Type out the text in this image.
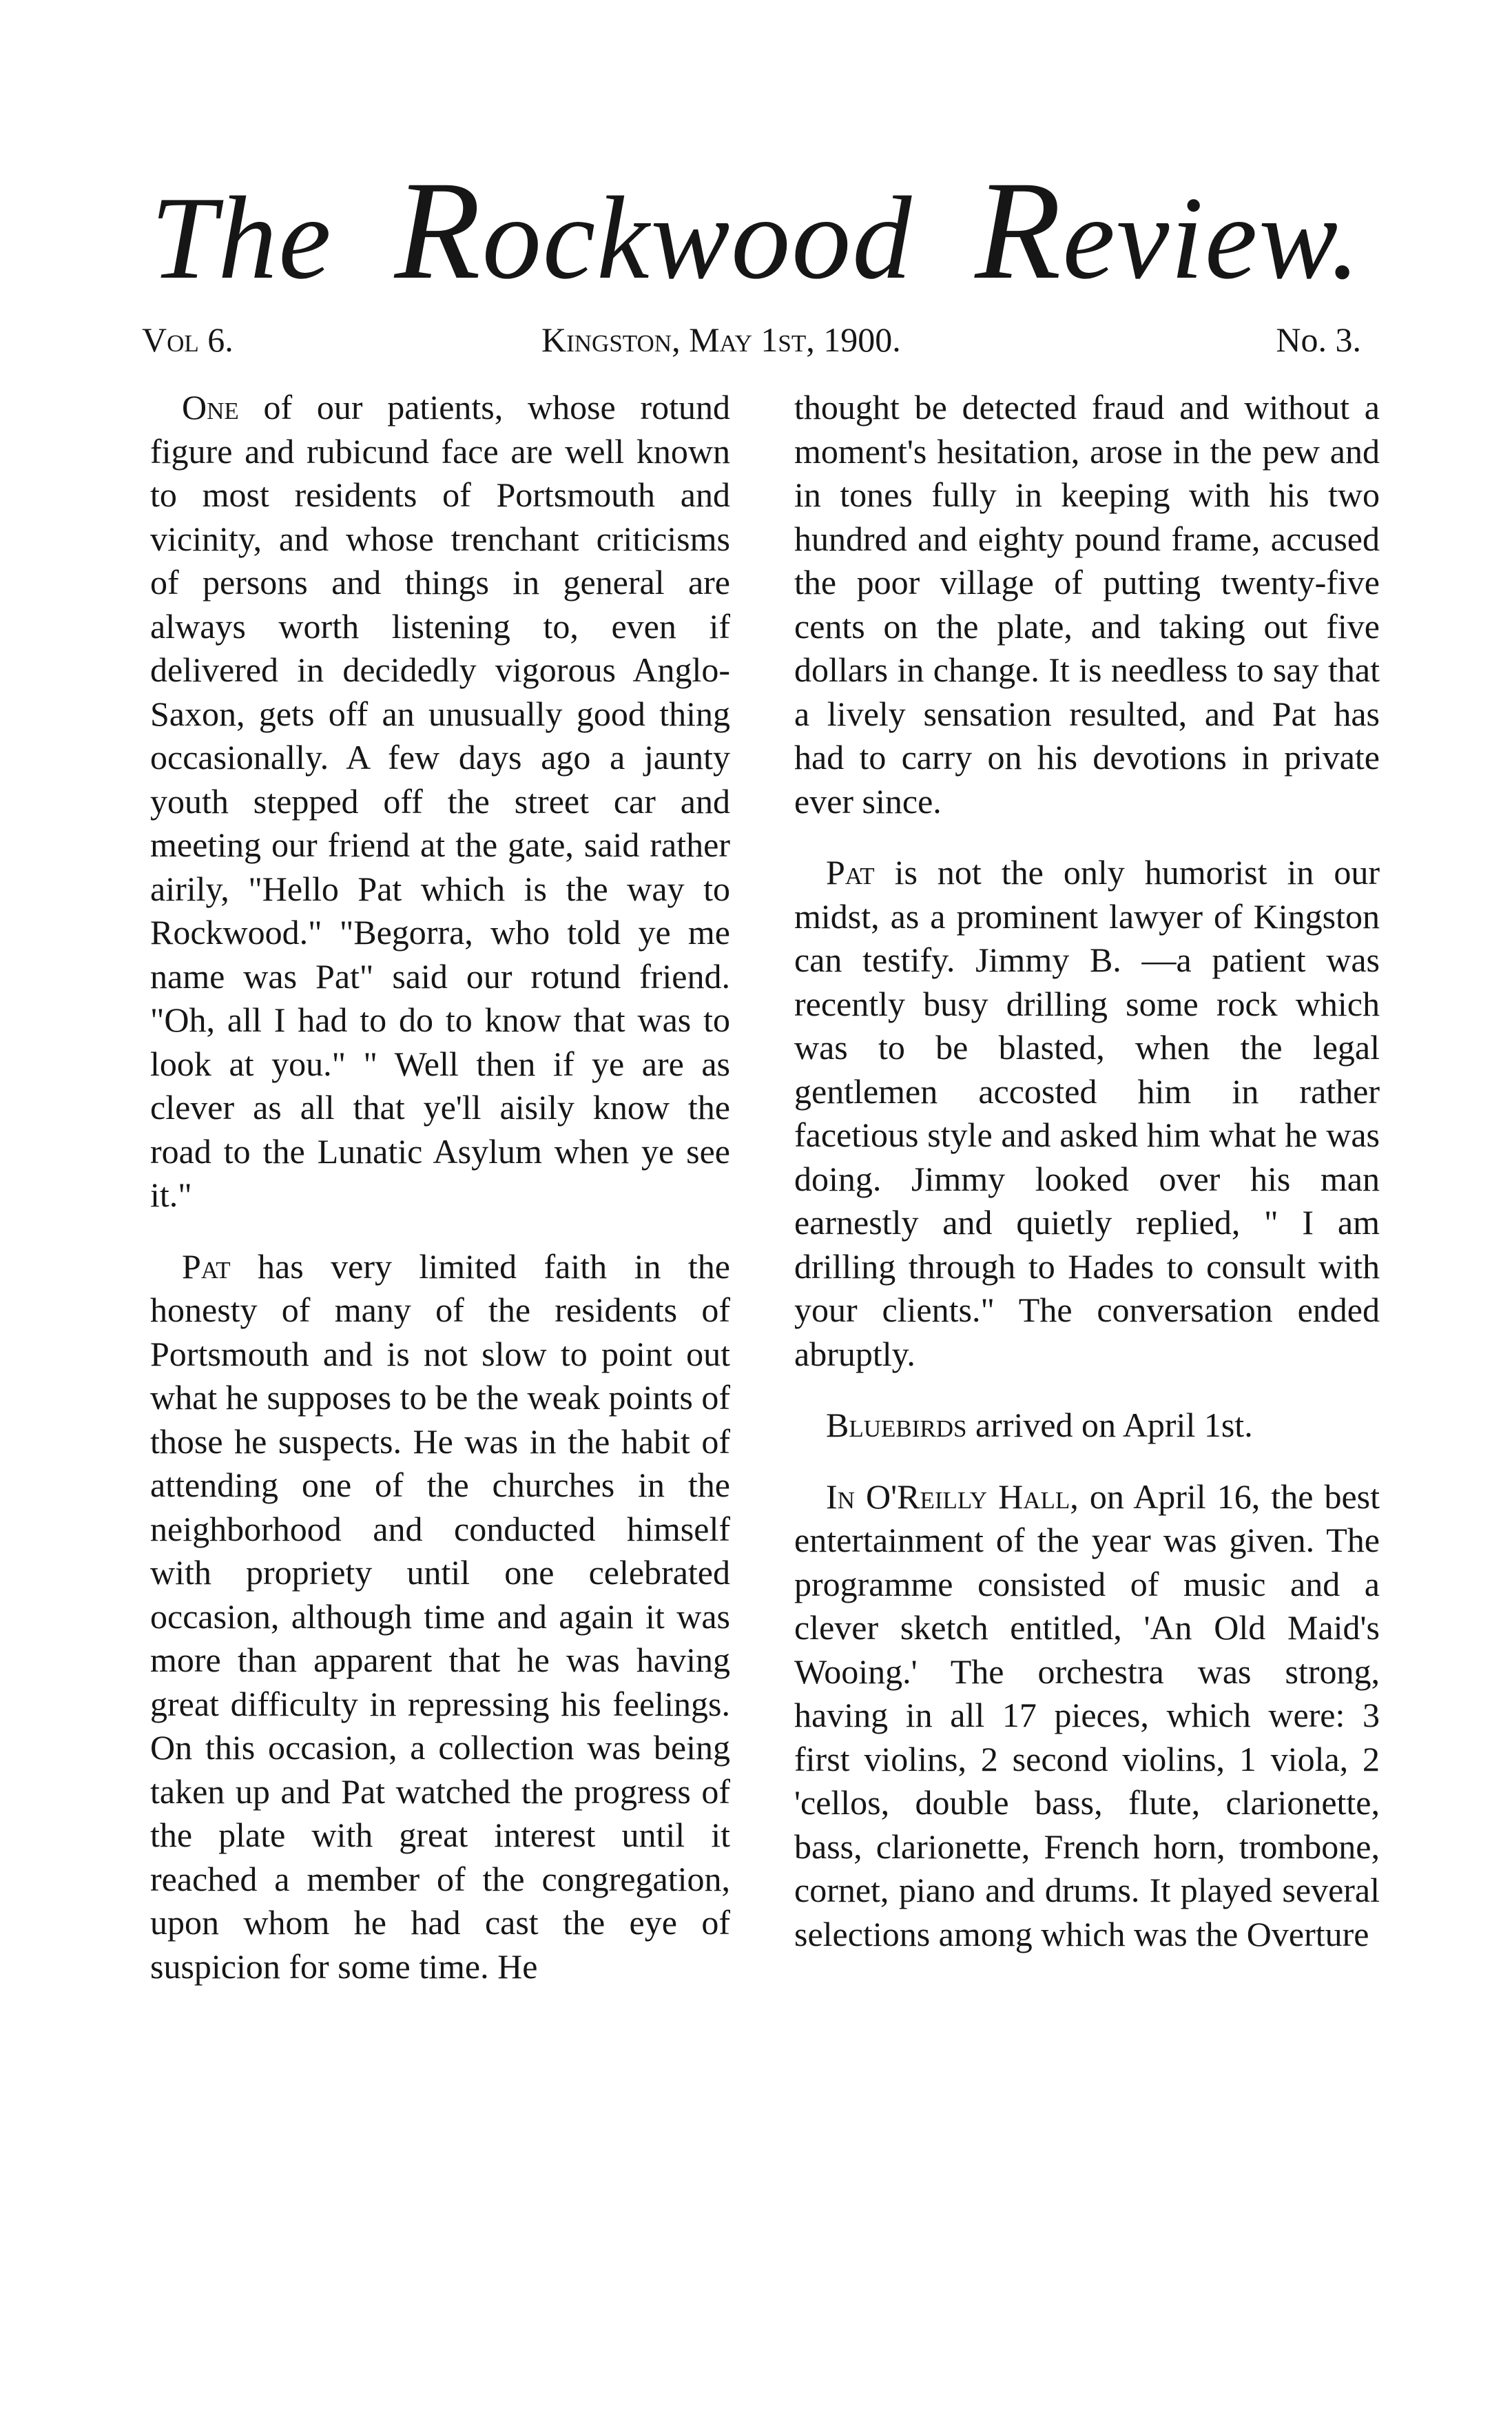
The Rockwood Review.
Vol 6.	Kingston, May 1st, 1900.	No. 3.

One of our patients, whose rotund figure and rubicund face are well known to most residents of Portsmouth and vicinity, and whose trenchant criticisms of persons and things in general are always worth listening to, even if delivered in decidedly vigorous Anglo-Saxon, gets off an unusually good thing occasionally. A few days ago a jaunty youth stepped off the street car and meeting our friend at the gate, said rather airily, "Hello Pat which is the way to Rockwood." "Begorra, who told ye me name was Pat" said our rotund friend. "Oh, all I had to do to know that was to look at you." " Well then if ye are as clever as all that ye'll aisily know the road to the Lunatic Asylum when ye see it."

Pat has very limited faith in the honesty of many of the residents of Portsmouth and is not slow to point out what he supposes to be the weak points of those he suspects. He was in the habit of attending one of the churches in the neighborhood and conducted himself with propriety until one celebrated occasion, although time and again it was more than apparent that he was having great difficulty in repressing his feelings. On this occasion, a collection was being taken up and Pat watched the progress of the plate with great interest until it reached a member of the congregation, upon whom he had cast the eye of suspicion for some time. He

thought be detected fraud and without a moment's hesitation, arose in the pew and in tones fully in keeping with his two hundred and eighty pound frame, accused the poor village of putting twenty-five cents on the plate, and taking out five dollars in change. It is needless to say that a lively sensation resulted, and Pat has had to carry on his devotions in private ever since.

Pat is not the only humorist in our midst, as a prominent lawyer of Kingston can testify. Jimmy B. —a patient was recently busy drilling some rock which was to be blasted, when the legal gentlemen accosted him in rather facetious style and asked him what he was doing. Jimmy looked over his man earnestly and quietly replied, " I am drilling through to Hades to consult with your clients." The conversation ended abruptly.

Bluebirds arrived on April 1st.

In O'Reilly Hall, on April 16, the best entertainment of the year was given. The programme consisted of music and a clever sketch entitled, 'An Old Maid's Wooing.' The orchestra was strong, having in all 17 pieces, which were: 3 first violins, 2 second violins, 1 viola, 2 'cellos, double bass, flute, clarionette, bass, clarionette, French horn, trombone, cornet, piano and drums. It played several selections among which was the Overture
